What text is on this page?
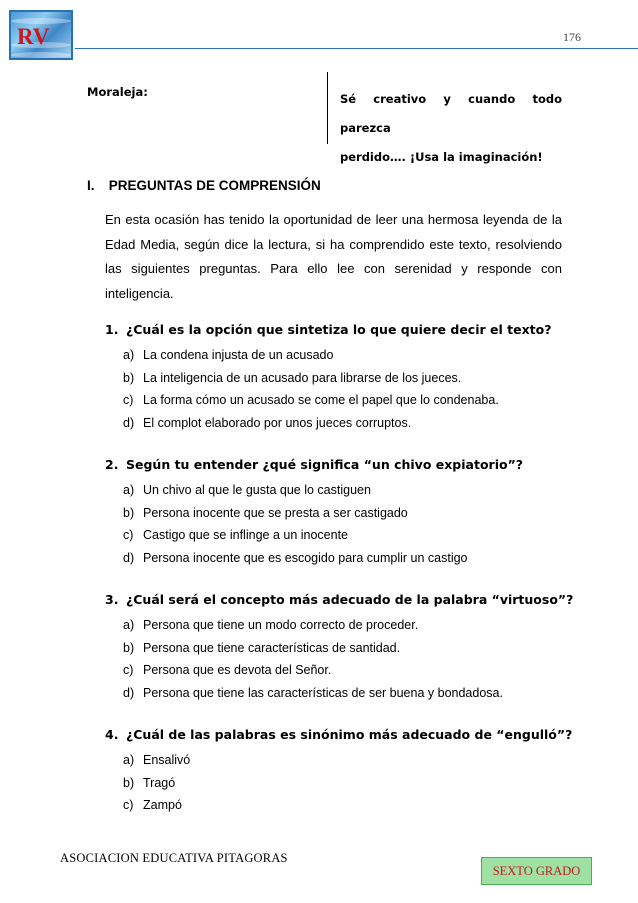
RV	176
Moraleja:	Sé creativo y cuando todo parezca
perdido…. ¡Usa la imaginación!
I. PREGUNTAS DE COMPRENSIÓN
En esta ocasión has tenido la oportunidad de leer una hermosa leyenda de la Edad Media, según dice la lectura, si ha comprendido este texto, resolviendo las siguientes preguntas. Para ello lee con serenidad y responde con inteligencia.
1. ¿Cuál es la opción que sintetiza lo que quiere decir el texto?
a) La condena injusta de un acusado
b) La inteligencia de un acusado para librarse de los jueces.
c) La forma cómo un acusado se come el papel que lo condenaba.
d) El complot elaborado por unos jueces corruptos.
2. Según tu entender ¿qué significa “un chivo expiatorio”?
a) Un chivo al que le gusta que lo castiguen
b) Persona inocente que se presta a ser castigado
c) Castigo que se inflinge a un inocente
d) Persona inocente que es escogido para cumplir un castigo
3. ¿Cuál será el concepto más adecuado de la palabra “virtuoso”?
a) Persona que tiene un modo correcto de proceder.
b) Persona que tiene características de santidad.
c) Persona que es devota del Señor.
d) Persona que tiene las características de ser buena y bondadosa.
4. ¿Cuál de las palabras es sinónimo más adecuado de “engulló”?
a) Ensalivó
b) Tragó
c) Zampó
ASOCIACION EDUCATIVA PITAGORAS
SEXTO GRADO
